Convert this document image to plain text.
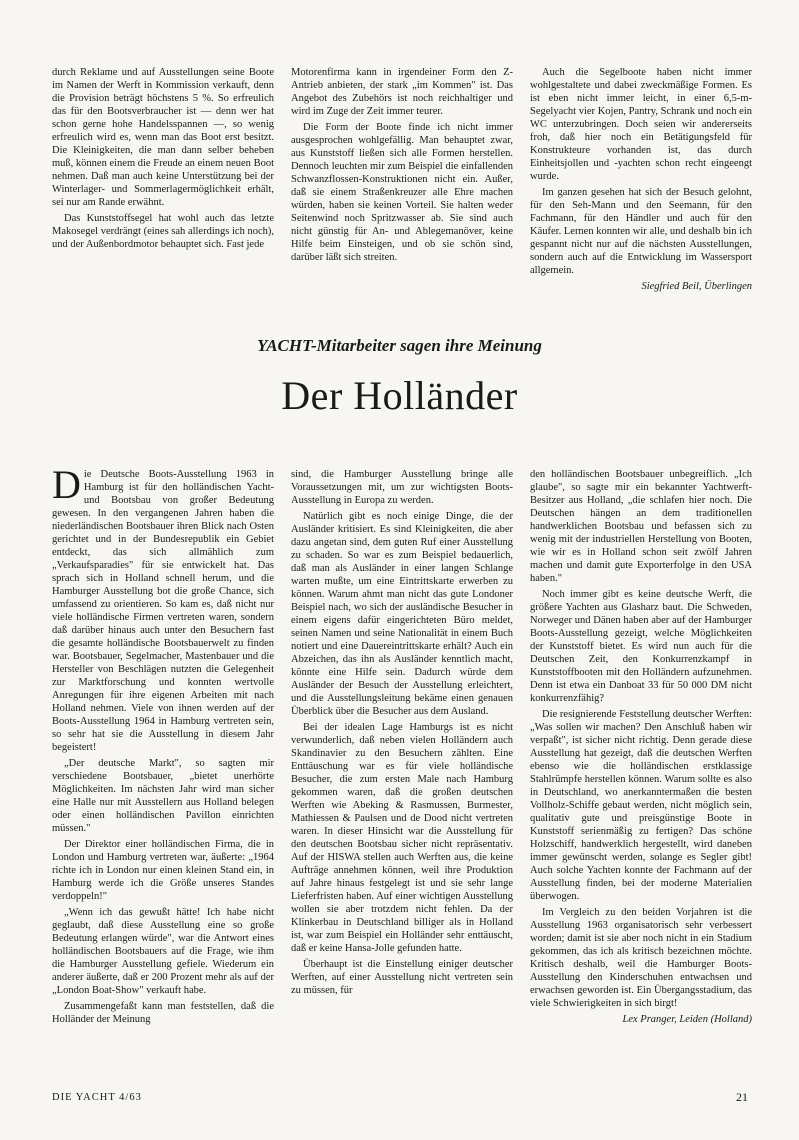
durch Reklame und auf Ausstellungen seine Boote im Namen der Werft in Kommission verkauft, denn die Provision beträgt höchstens 5 %. So erfreulich das für den Bootsverbraucher ist — denn wer hat schon gerne hohe Handelsspannen —, so wenig erfreulich wird es, wenn man das Boot erst besitzt. Die Kleinigkeiten, die man dann selber beheben muß, können einem die Freude an einem neuen Boot nehmen. Daß man auch keine Unterstützung bei der Winterlager- und Sommerlagermöglichkeit erhält, sei nur am Rande erwähnt.

Das Kunststoffsegel hat wohl auch das letzte Makosegel verdrängt (eines sah allerdings ich noch), und der Außenbordmotor behauptet sich. Fast jede

Motorenfirma kann in irgendeiner Form den Z-Antrieb anbieten, der stark „im Kommen" ist. Das Angebot des Zubehörs ist noch reichhaltiger und wird im Zuge der Zeit immer teurer.

Die Form der Boote finde ich nicht immer ausgesprochen wohlgefällig. Man behauptet zwar, aus Kunststoff ließen sich alle Formen herstellen. Dennoch leuchten mir zum Beispiel die einfallenden Schwanzflossen-Konstruktionen nicht ein. Außer, daß sie einem Straßenkreuzer alle Ehre machen würden, haben sie keinen Vorteil. Sie halten weder Seitenwind noch Spritzwasser ab. Sie sind auch nicht günstig für An- und Ablegemanöver, keine Hilfe beim Einsteigen, und ob sie schön sind, darüber läßt sich streiten.

Auch die Segelboote haben nicht immer wohlgestaltete und dabei zweckmäßige Formen. Es ist eben nicht immer leicht, in einer 6,5-m-Segelyacht vier Kojen, Pantry, Schrank und noch ein WC unterzubringen. Doch seien wir andererseits froh, daß hier noch ein Betätigungsfeld für Konstrukteure vorhanden ist, das durch Einheitsjollen und -yachten schon recht eingeengt wurde.

Im ganzen gesehen hat sich der Besuch gelohnt, für den Seh-Mann und den Seemann, für den Fachmann, für den Händler und auch für den Käufer. Lernen konnten wir alle, und deshalb bin ich gespannt nicht nur auf die nächsten Ausstellungen, sondern auch auf die Entwicklung im Wassersport allgemein.

Siegfried Beil, Überlingen

YACHT-Mitarbeiter sagen ihre Meinung
Der Holländer

Die Deutsche Boots-Ausstellung 1963 in Hamburg ist für den holländischen Yacht- und Bootsbau von großer Bedeutung gewesen. In den vergangenen Jahren haben die niederländischen Bootsbauer ihren Blick nach Osten gerichtet und in der Bundesrepublik ein Gebiet entdeckt, das sich allmählich zum „Verkaufsparadies" für sie entwickelt hat. Das sprach sich in Holland schnell herum, und die Hamburger Ausstellung bot die große Chance, sich umfassend zu orientieren. So kam es, daß nicht nur viele holländische Firmen vertreten waren, sondern daß darüber hinaus auch unter den Besuchern fast die gesamte holländische Bootsbauerwelt zu finden war. Bootsbauer, Segelmacher, Mastenbauer und die Hersteller von Beschlägen nutzten die Gelegenheit zur Marktforschung und konnten wertvolle Anregungen für ihre eigenen Arbeiten mit nach Holland nehmen. Viele von ihnen werden auf der Boots-Ausstellung 1964 in Hamburg vertreten sein, so sehr hat sie die Ausstellung in diesem Jahr begeistert!

„Der deutsche Markt", so sagten mir verschiedene Bootsbauer, „bietet unerhörte Möglichkeiten. Im nächsten Jahr wird man sicher eine Halle nur mit Ausstellern aus Holland belegen oder einen holländischen Pavillon einrichten müssen."

Der Direktor einer holländischen Firma, die in London und Hamburg vertreten war, äußerte: „1964 richte ich in London nur einen kleinen Stand ein, in Hamburg werde ich die Größe unseres Standes verdoppeln!"

„Wenn ich das gewußt hätte! Ich habe nicht geglaubt, daß diese Ausstellung eine so große Bedeutung erlangen würde", war die Antwort eines holländischen Bootsbauers auf die Frage, wie ihm die Hamburger Ausstellung gefiele. Wiederum ein anderer äußerte, daß er 200 Prozent mehr als auf der „London Boat-Show" verkauft habe.

Zusammengefaßt kann man feststellen, daß die Holländer der Meinung

sind, die Hamburger Ausstellung bringe alle Voraussetzungen mit, um zur wichtigsten Boots-Ausstellung in Europa zu werden.

Natürlich gibt es noch einige Dinge, die der Ausländer kritisiert. Es sind Kleinigkeiten, die aber dazu angetan sind, dem guten Ruf einer Ausstellung zu schaden. So war es zum Beispiel bedauerlich, daß man als Ausländer in einer langen Schlange warten mußte, um eine Eintrittskarte erwerben zu können. Warum ahmt man nicht das gute Londoner Beispiel nach, wo sich der ausländische Besucher in einem eigens dafür eingerichteten Büro meldet, seinen Namen und seine Nationalität in einem Buch notiert und eine Dauereintrittskarte erhält? Auch ein Abzeichen, das ihn als Ausländer kenntlich macht, könnte eine Hilfe sein. Dadurch würde dem Ausländer der Besuch der Ausstellung erleichtert, und die Ausstellungsleitung bekäme einen genauen Überblick über die Besucher aus dem Ausland.

Bei der idealen Lage Hamburgs ist es nicht verwunderlich, daß neben vielen Holländern auch Skandinavier zu den Besuchern zählten. Eine Enttäuschung war es für viele holländische Besucher, die zum ersten Male nach Hamburg gekommen waren, daß die großen deutschen Werften wie Abeking & Rasmussen, Burmester, Mathiessen & Paulsen und de Dood nicht vertreten waren. In dieser Hinsicht war die Ausstellung für den deutschen Bootsbau sicher nicht repräsentativ. Auf der HISWA stellen auch Werften aus, die keine Aufträge annehmen können, weil ihre Produktion auf Jahre hinaus festgelegt ist und sie sehr lange Lieferfristen haben. Auf einer wichtigen Ausstellung wollen sie aber trotzdem nicht fehlen. Da der Klinkerbau in Deutschland billiger als in Holland ist, war zum Beispiel ein Holländer sehr enttäuscht, daß er keine Hansa-Jolle gefunden hatte.

Überhaupt ist die Einstellung einiger deutscher Werften, auf einer Ausstellung nicht vertreten sein zu müssen, für

den holländischen Bootsbauer unbegreiflich. „Ich glaube", so sagte mir ein bekannter Yachtwerft-Besitzer aus Holland, „die schlafen hier noch. Die Deutschen hängen an dem traditionellen handwerklichen Bootsbau und befassen sich zu wenig mit der industriellen Herstellung von Booten, wie wir es in Holland schon seit zwölf Jahren machen und damit gute Exporterfolge in den USA haben."

Noch immer gibt es keine deutsche Werft, die größere Yachten aus Glasharz baut. Die Schweden, Norweger und Dänen haben aber auf der Hamburger Boots-Ausstellung gezeigt, welche Möglichkeiten der Kunststoff bietet. Es wird nun auch für die Deutschen Zeit, den Konkurrenzkampf in Kunststoffbooten mit den Holländern aufzunehmen. Denn ist etwa ein Danboat 33 für 50 000 DM nicht konkurrenzfähig?

Die resignierende Feststellung deutscher Werften: „Was sollen wir machen? Den Anschluß haben wir verpaßt", ist sicher nicht richtig. Denn gerade diese Ausstellung hat gezeigt, daß die deutschen Werften ebenso wie die holländischen erstklassige Stahlrümpfe herstellen können. Warum sollte es also in Deutschland, wo anerkanntermaßen die besten Vollholz-Schiffe gebaut werden, nicht möglich sein, qualitativ gute und preisgünstige Boote in Kunststoff serienmäßig zu fertigen? Das schöne Holzschiff, handwerklich hergestellt, wird daneben immer gewünscht werden, solange es Segler gibt! Auch solche Yachten konnte der Fachmann auf der Ausstellung finden, bei der moderne Materialien überwogen.

Im Vergleich zu den beiden Vorjahren ist die Ausstellung 1963 organisatorisch sehr verbessert worden; damit ist sie aber noch nicht in ein Stadium gekommen, das ich als kritisch bezeichnen möchte. Kritisch deshalb, weil die Hamburger Boots-Ausstellung den Kinderschuhen entwachsen und erwachsen geworden ist. Ein Übergangsstadium, das viele Schwierigkeiten in sich birgt!

Lex Pranger, Leiden (Holland)

DIE YACHT 4/63	21
